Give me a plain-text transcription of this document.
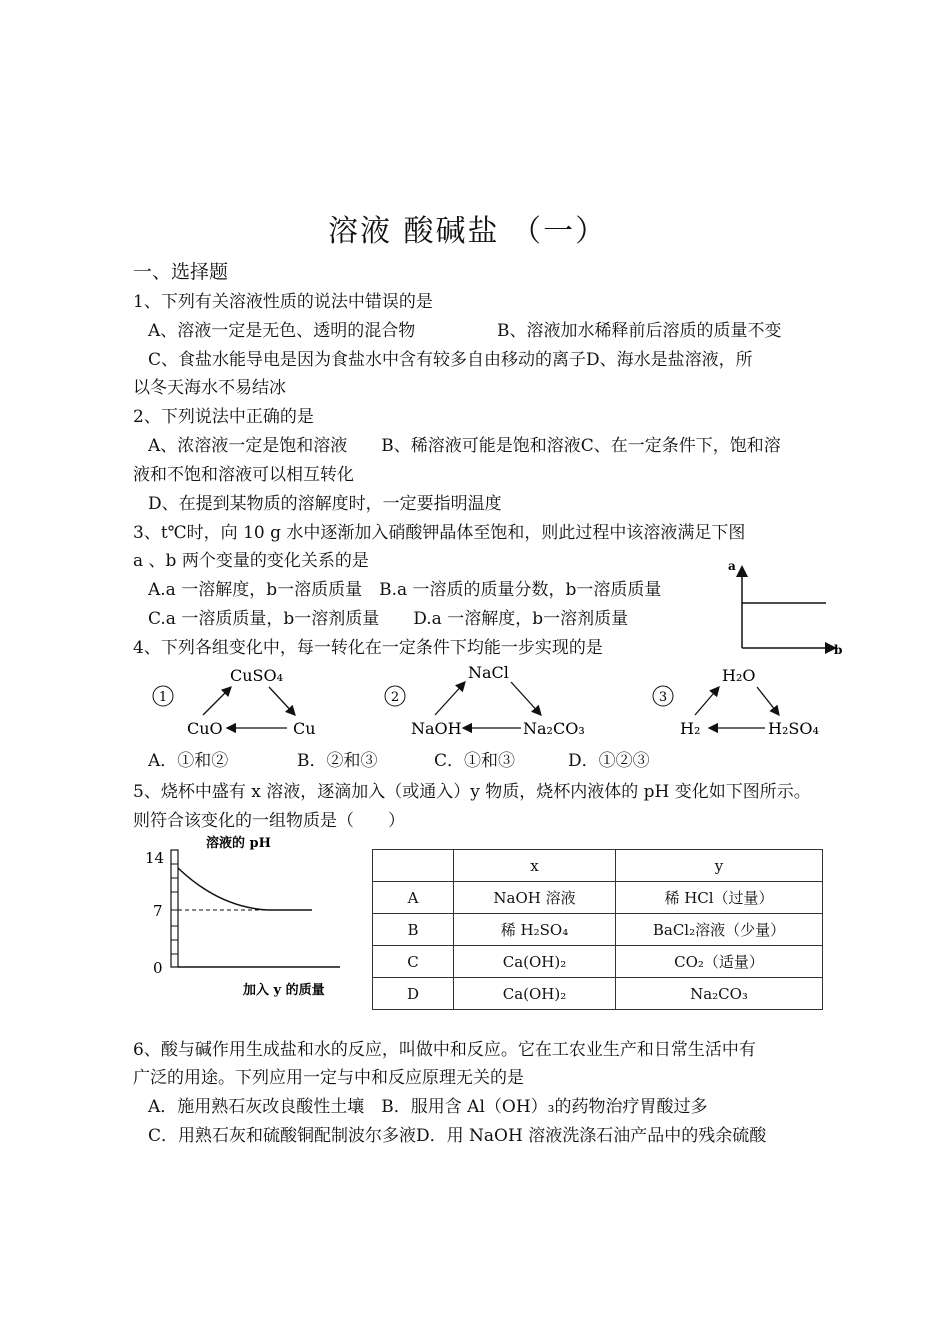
溶液 酸碱盐 （一）
一、选择题
1、下列有关溶液性质的说法中错误的是
A、溶液一定是无色、透明的混合物	B、溶液加水稀释前后溶质的质量不变
C、食盐水能导电是因为食盐水中含有较多自由移动的离子D、海水是盐溶液，所
以冬天海水不易结冰
2、下列说法中正确的是
A、浓溶液一定是饱和溶液　　B、稀溶液可能是饱和溶液C、在一定条件下，饱和溶
液和不饱和溶液可以相互转化
D、在提到某物质的溶解度时，一定要指明温度
3、t℃时，向 10 g 水中逐渐加入硝酸钾晶体至饱和，则此过程中该溶液满足下图
a 、b 两个变量的变化关系的是
A.a 一溶解度，b一溶质质量　B.a 一溶质的质量分数，b一溶质质量
C.a 一溶质质量，b一溶剂质量　　D.a 一溶解度，b一溶剂质量
a
b
4、下列各组变化中，每一转化在一定条件下均能一步实现的是
1
CuSO₄
CuO	Cu
2
NaCl
NaOH	Na₂CO₃
3
H₂O
H₂	H₂SO₄
A．①和②	B．②和③	C．①和③	D．①②③
5、烧杯中盛有 x 溶液，逐滴加入（或通入）y 物质，烧杯内液体的 pH 变化如下图所示。
则符合该变化的一组物质是（　　）
溶液的 pH
14
7
0
加入 y 的质量
	x	y
A	NaOH 溶液	稀 HCl（过量）
B	稀 H₂SO₄	BaCl₂溶液（少量）
C	Ca(OH)₂	CO₂（适量）
D	Ca(OH)₂	Na₂CO₃
6、酸与碱作用生成盐和水的反应，叫做中和反应。它在工农业生产和日常生活中有
广泛的用途。下列应用一定与中和反应原理无关的是
A．施用熟石灰改良酸性土壤　B．服用含 Al（OH）₃的药物治疗胃酸过多
C．用熟石灰和硫酸铜配制波尔多液D．用 NaOH 溶液洗涤石油产品中的残余硫酸
